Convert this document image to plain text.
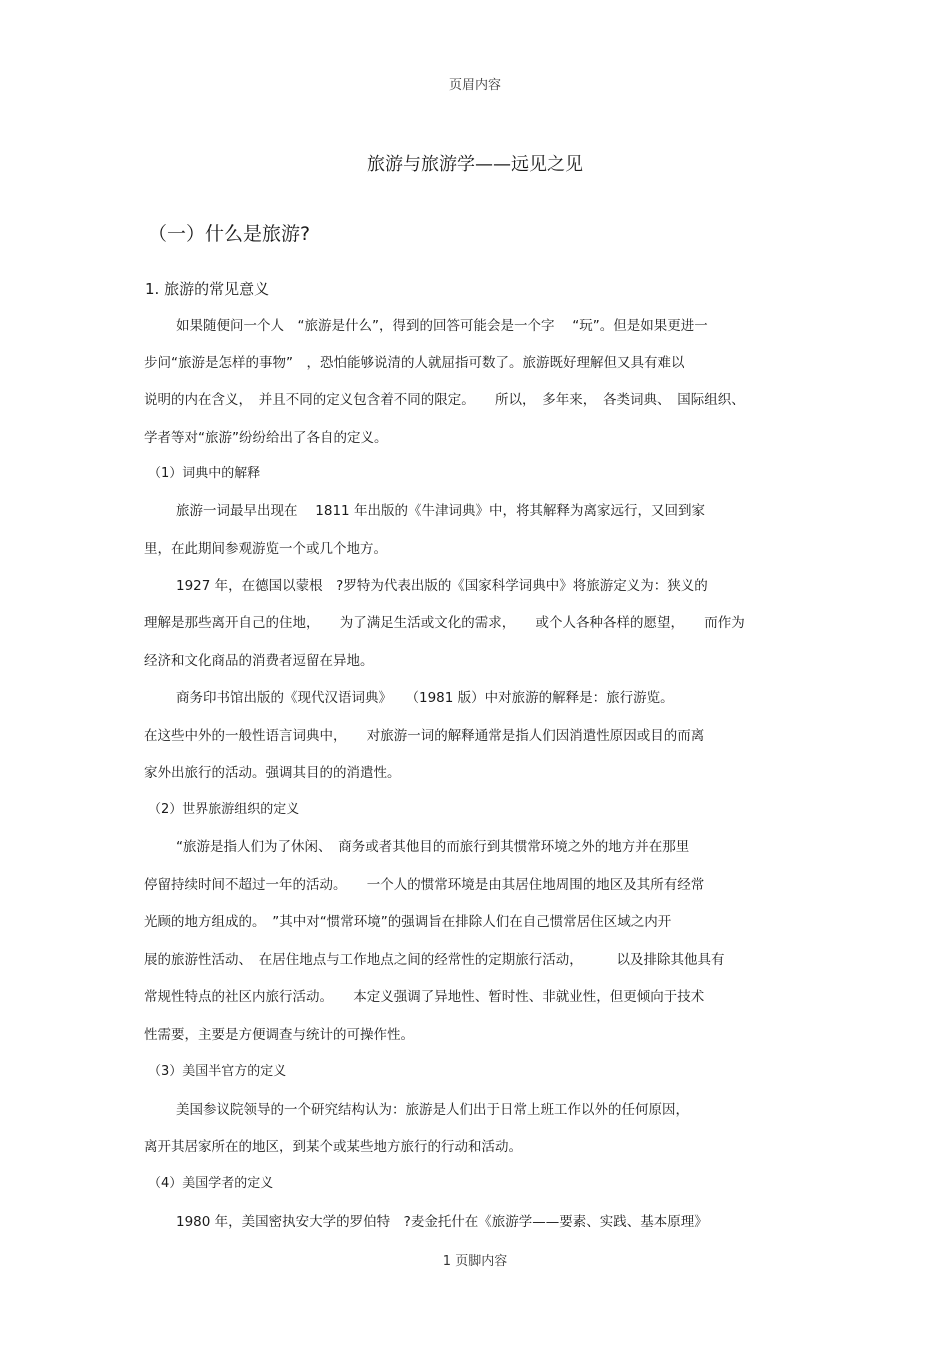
页眉内容
旅游与旅游学——远见之见
（一）什么是旅游?
1. 旅游的常见意义
如果随便问一个人　“旅游是什么”，得到的回答可能会是一个字　 “玩”。但是如果更进一
步问“旅游是怎样的事物”　，恐怕能够说清的人就屈指可数了。旅游既好理解但又具有难以
说明的内在含义，　并且不同的定义包含着不同的限定。　　所以，　多年来，　各类词典、　国际组织、
学者等对“旅游”纷纷给出了各自的定义。
（1）词典中的解释
旅游一词最早出现在　 1811 年出版的《牛津词典》中，将其解释为离家远行，又回到家
里，在此期间参观游览一个或几个地方。
1927 年，在德国以蒙根　?罗特为代表出版的《国家科学词典中》将旅游定义为：狭义的
理解是那些离开自己的住地，　　为了满足生活或文化的需求，　　或个人各种各样的愿望，　　而作为
经济和文化商品的消费者逗留在异地。
商务印书馆出版的《现代汉语词典》　　（1981 版）中对旅游的解释是：旅行游览。
在这些中外的一般性语言词典中，　　对旅游一词的解释通常是指人们因消遣性原因或目的而离
家外出旅行的活动。强调其目的的消遣性。
（2）世界旅游组织的定义
“旅游是指人们为了休闲、　商务或者其他目的而旅行到其惯常环境之外的地方并在那里
停留持续时间不超过一年的活动。　　一个人的惯常环境是由其居住地周围的地区及其所有经常
光顾的地方组成的。　”其中对“惯常环境”的强调旨在排除人们在自己惯常居住区域之内开
展的旅游性活动、　在居住地点与工作地点之间的经常性的定期旅行活动，　　　以及排除其他具有
常规性特点的社区内旅行活动。　　本定义强调了异地性、暂时性、非就业性，但更倾向于技术
性需要，主要是方便调查与统计的可操作性。
（3）美国半官方的定义
美国参议院领导的一个研究结构认为：旅游是人们出于日常上班工作以外的任何原因，
离开其居家所在的地区，到某个或某些地方旅行的行动和活动。
（4）美国学者的定义
1980 年，美国密执安大学的罗伯特　?麦金托什在《旅游学——要素、实践、基本原理》
1 页脚内容
